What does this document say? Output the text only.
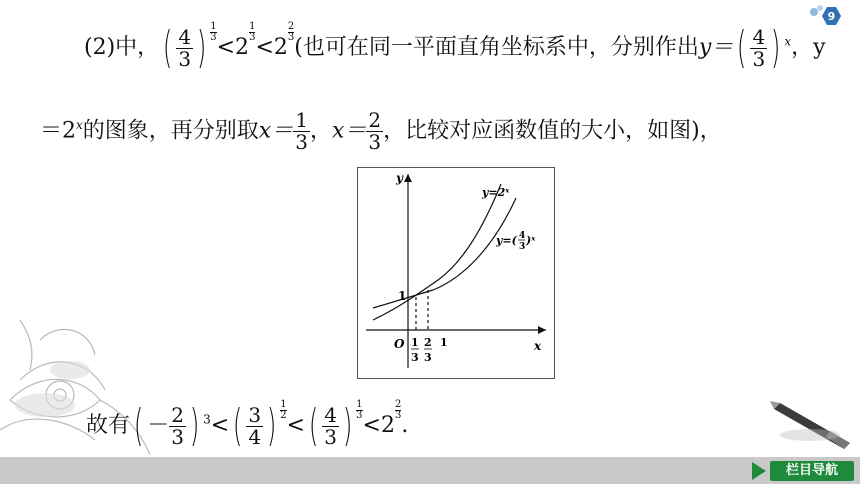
9
(2)中，( $\frac{4}{3}$ ) $\frac{1}{3}$
<2
$\frac{1}{3}$
<2
$\frac{2}{3}$
(也可在同一平面直角坐标系中，分别作出$y=( \frac{4}{3}$ ) $^x$，y
$=2^x$的图象，再分别取$x= \frac{1}{3}$ ，$x= \frac{2}{3}$ ，比较对应函数值的大小，如图)，
y
x
O
1
y=2ˣ
y=( 4
3 )ˣ
1
3
2
3
1
故有( － $\frac{2}{3}$ ) $^3<( \frac{3}{4}$ ) $\frac{1}{2}$
<( $\frac{4}{3}$ ) $\frac{1}{3}$
<2
$\frac{2}{3}$
.
栏目导航
